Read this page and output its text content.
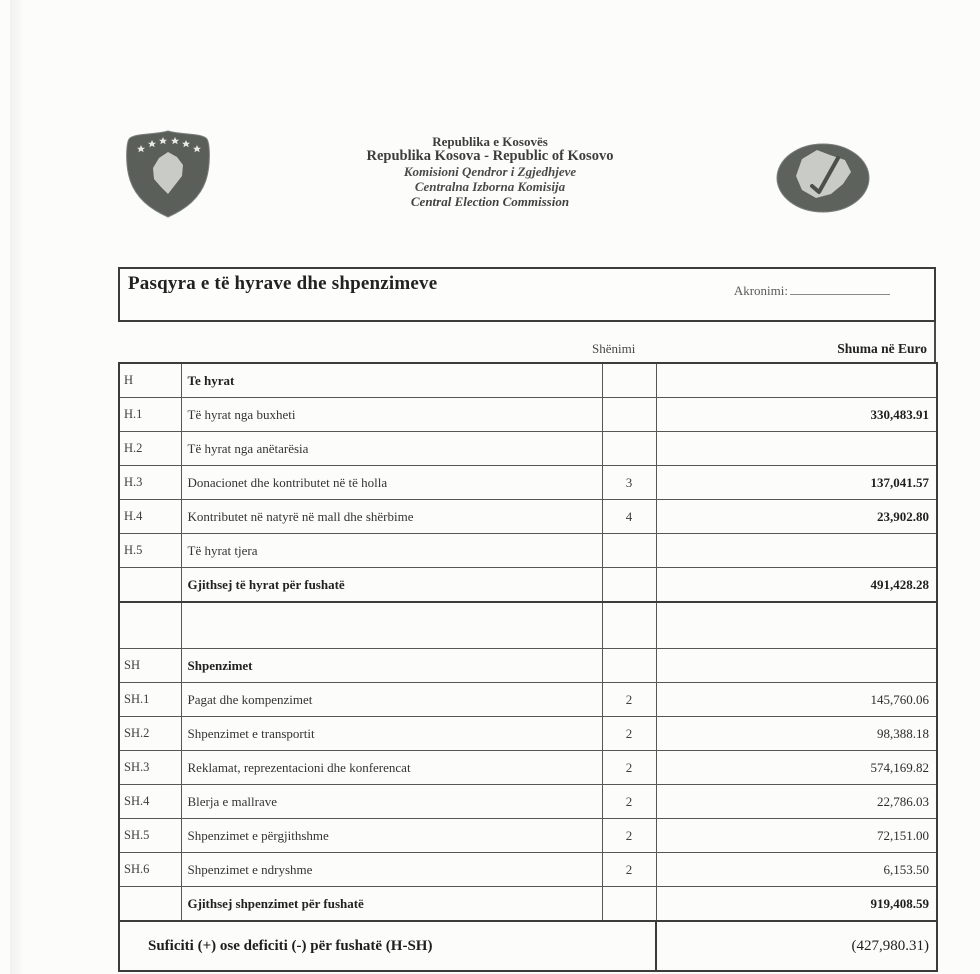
Republika e Kosovës
Republika Kosova - Republic of Kosovo
Komisioni Qendror i Zgjedhjeve
Centralna Izborna Komisija
Central Election Commission
Pasqyra e të hyrave dhe shpenzimeve	Akronimi:
Shënimi	Shuma në Euro
H	Te hyrat		
H.1	Të hyrat nga buxheti		330,483.91
H.2	Të hyrat nga anëtarësia		
H.3	Donacionet dhe kontributet në të holla	3	137,041.57
H.4	Kontributet në natyrë në mall dhe shërbime	4	23,902.80
H.5	Të hyrat tjera		
	Gjithsej të hyrat për fushatë		491,428.28

SH	Shpenzimet		
SH.1	Pagat dhe kompenzimet	2	145,760.06
SH.2	Shpenzimet e transportit	2	98,388.18
SH.3	Reklamat, reprezentacioni dhe konferencat	2	574,169.82
SH.4	Blerja e mallrave	2	22,786.03
SH.5	Shpenzimet e përgjithshme	2	72,151.00
SH.6	Shpenzimet e ndryshme	2	6,153.50
	Gjithsej shpenzimet për fushatë		919,408.59
Suficiti (+) ose deficiti (-) për fushatë (H-SH)			(427,980.31)
